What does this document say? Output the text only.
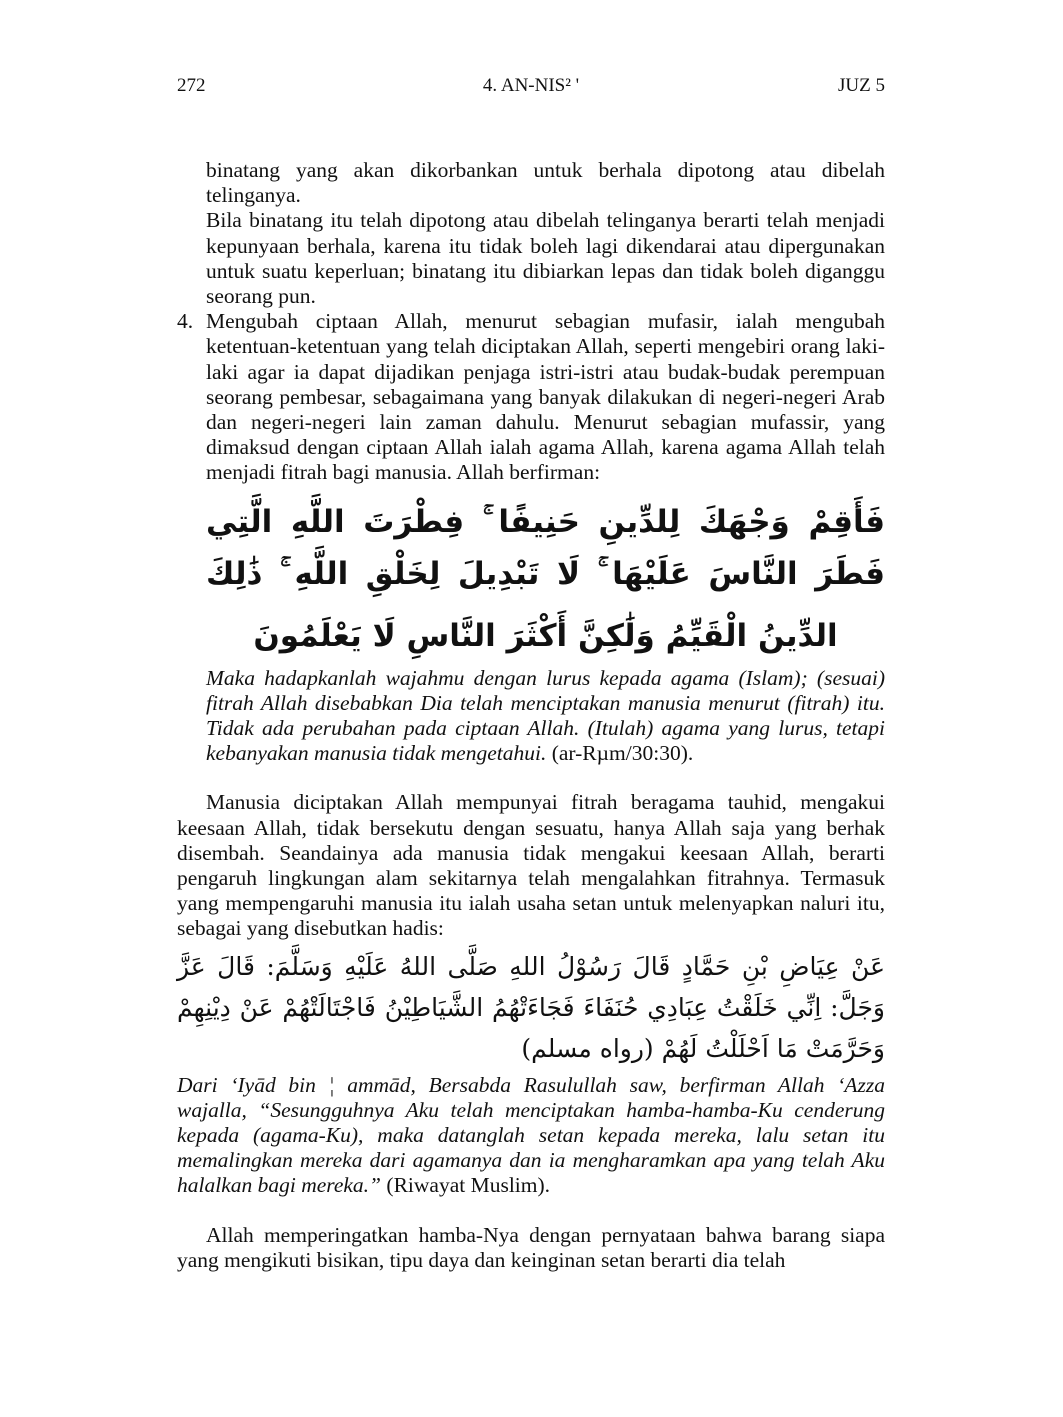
272	4. AN-NIS² '	JUZ 5

binatang yang akan dikorbankan untuk berhala dipotong atau dibelah telinganya.

Bila binatang itu telah dipotong atau dibelah telinganya berarti telah menjadi kepunyaan berhala, karena itu tidak boleh lagi dikendarai atau dipergunakan untuk suatu keperluan; binatang itu dibiarkan lepas dan tidak boleh diganggu seorang pun.

4. Mengubah ciptaan Allah, menurut sebagian mufasir, ialah mengubah ketentuan-ketentuan yang telah diciptakan Allah, seperti mengebiri orang laki-laki agar ia dapat dijadikan penjaga istri-istri atau budak-budak perempuan seorang pembesar, sebagaimana yang banyak dilakukan di negeri-negeri Arab dan negeri-negeri lain zaman dahulu. Menurut sebagian mufassir, yang dimaksud dengan ciptaan Allah ialah agama Allah, karena agama Allah telah menjadi fitrah bagi manusia. Allah berfirman:

فَأَقِمْ وَجْهَكَ لِلدِّينِ حَنِيفًا ۚ فِطْرَتَ اللَّهِ الَّتِي فَطَرَ النَّاسَ عَلَيْهَا ۚ لَا تَبْدِيلَ لِخَلْقِ اللَّهِ ۚ ذَٰلِكَ
الدِّينُ الْقَيِّمُ وَلَٰكِنَّ أَكْثَرَ النَّاسِ لَا يَعْلَمُونَ

Maka hadapkanlah wajahmu dengan lurus kepada agama (Islam); (sesuai) fitrah Allah disebabkan Dia telah menciptakan manusia menurut (fitrah) itu. Tidak ada perubahan pada ciptaan Allah. (Itulah) agama yang lurus, tetapi kebanyakan manusia tidak mengetahui. (ar-Rµm/30:30).

Manusia diciptakan Allah mempunyai fitrah beragama tauhid, mengakui keesaan Allah, tidak bersekutu dengan sesuatu, hanya Allah saja yang berhak disembah. Seandainya ada manusia tidak mengakui keesaan Allah, berarti pengaruh lingkungan alam sekitarnya telah mengalahkan fitrahnya. Termasuk yang mempengaruhi manusia itu ialah usaha setan untuk melenyapkan naluri itu, sebagai yang disebutkan hadis:

عَنْ عِيَاضِ بْنِ حَمَّادٍ قَالَ رَسُوْلُ اللهِ صَلَّى اللهُ عَلَيْهِ وَسَلَّمَ: قَالَ عَزَّ وَجَلَّ: اِنِّي خَلَقْتُ عِبَادِي حُنَفَاءَ فَجَاءَتْهُمُ الشَّيَاطِيْنُ فَاجْتَالَتْهُمْ عَنْ دِيْنِهِمْ وَحَرَّمَتْ مَا اَحْلَلْتُ لَهُمْ (رواه مسلم)

Dari ‘Iyād bin ¦ ammād, Bersabda Rasulullah saw, berfirman Allah ‘Azza wajalla, “Sesungguhnya Aku telah menciptakan hamba-hamba-Ku cenderung kepada (agama-Ku), maka datanglah setan kepada mereka, lalu setan itu memalingkan mereka dari agamanya dan ia mengharamkan apa yang telah Aku halalkan bagi mereka.” (Riwayat Muslim).

Allah memperingatkan hamba-Nya dengan pernyataan bahwa barang siapa yang mengikuti bisikan, tipu daya dan keinginan setan berarti dia telah
